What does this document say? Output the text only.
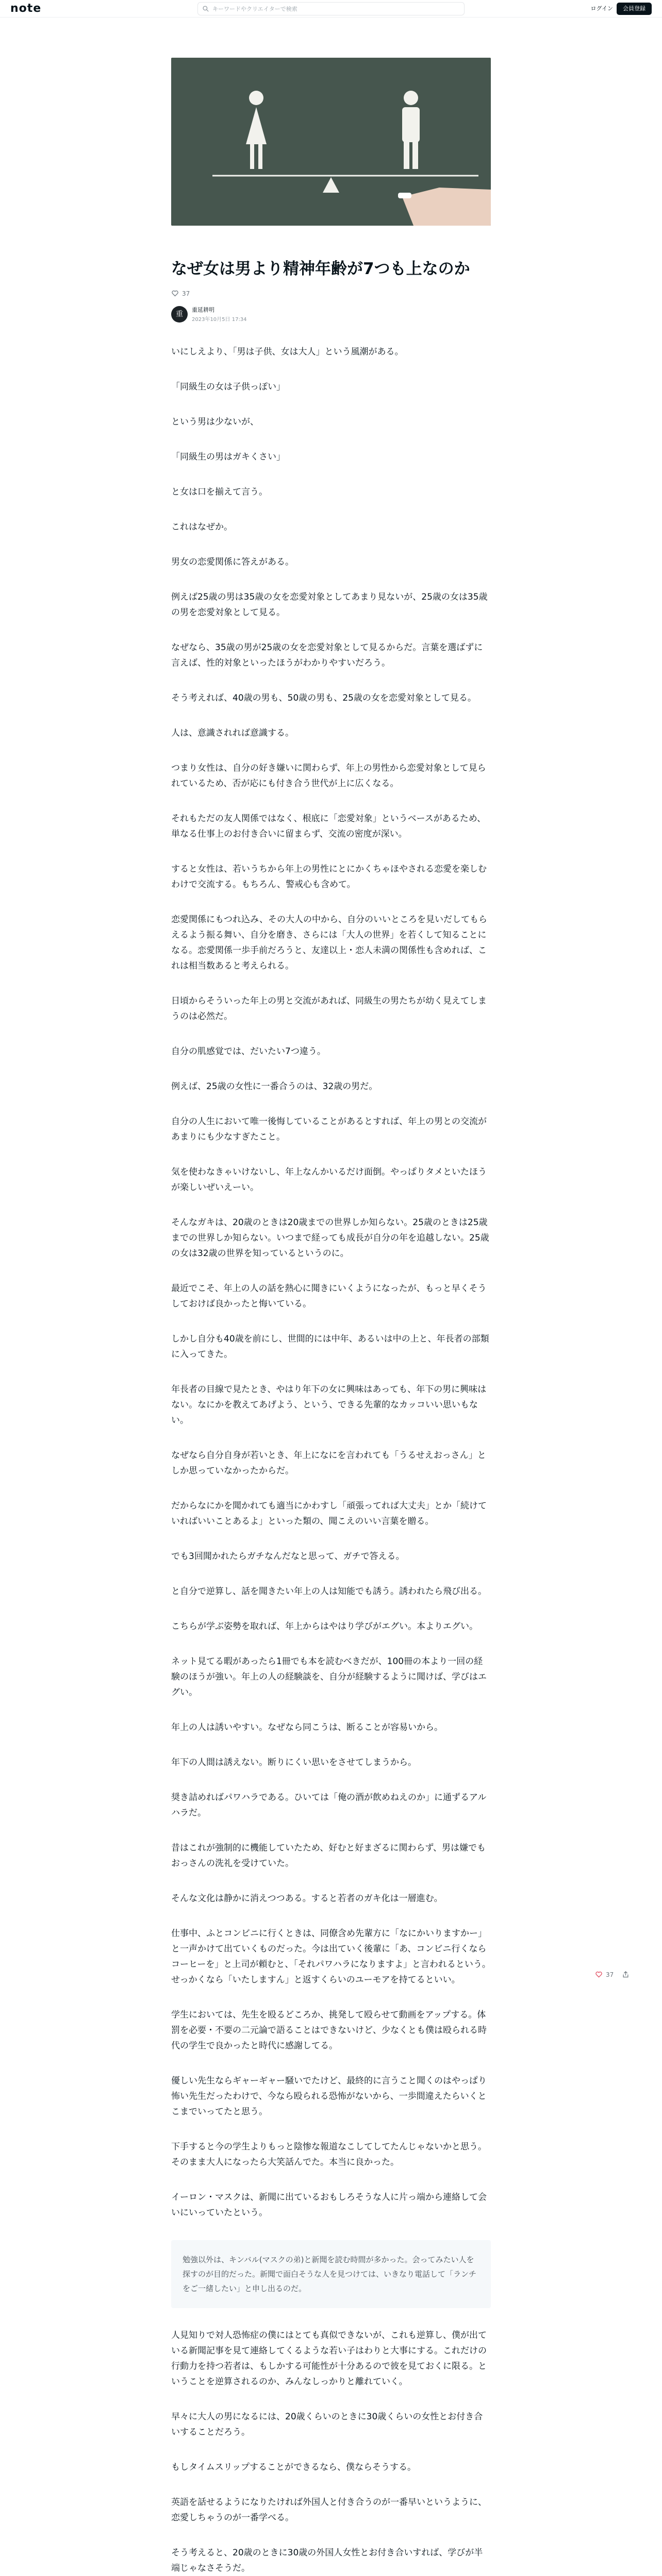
note
キーワードやクリエイターで検索	ログイン	会員登録
なぜ女は男より精神年齢が7つも上なのか
37
重	重延耕明
2023年10月5日 17:34

いにしえより、「男は子供、女は大人」という風潮がある。

「同級生の女は子供っぽい」

という男は少ないが、

「同級生の男はガキくさい」

と女は口を揃えて言う。

これはなぜか。

男女の恋愛関係に答えがある。

例えば25歳の男は35歳の女を恋愛対象としてあまり見ないが、25歳の女は35歳の男を恋愛対象として見る。

なぜなら、35歳の男が25歳の女を恋愛対象として見るからだ。言葉を選ばずに言えば、性的対象といったほうがわかりやすいだろう。

そう考えれば、40歳の男も、50歳の男も、25歳の女を恋愛対象として見る。

人は、意識されれば意識する。

つまり女性は、自分の好き嫌いに関わらず、年上の男性から恋愛対象として見られているため、否が応にも付き合う世代が上に広くなる。

それもただの友人関係ではなく、根底に「恋愛対象」というベースがあるため、単なる仕事上のお付き合いに留まらず、交流の密度が深い。

すると女性は、若いうちから年上の男性にとにかくちゃほやされる恋愛を楽しむわけで交流する。もちろん、警戒心も含めて。

恋愛関係にもつれ込み、その大人の中から、自分のいいところを見いだしてもらえるよう振る舞い、自分を磨き、さらには「大人の世界」を若くして知ることになる。恋愛関係一歩手前だろうと、友達以上・恋人未満の関係性も含めれば、これは相当数あると考えられる。

日頃からそういった年上の男と交流があれば、同級生の男たちが幼く見えてしまうのは必然だ。

自分の肌感覚では、だいたい7つ違う。

例えば、25歳の女性に一番合うのは、32歳の男だ。

自分の人生において唯一後悔していることがあるとすれば、年上の男との交流があまりにも少なすぎたこと。

気を使わなきゃいけないし、年上なんかいるだけ面倒。やっぱりタメといたほうが楽しいぜいえーい。

そんなガキは、20歳のときは20歳までの世界しか知らない。25歳のときは25歳までの世界しか知らない。いつまで経っても成長が自分の年を追越しない。25歳の女は32歳の世界を知っているというのに。

最近でこそ、年上の人の話を熱心に聞きにいくようになったが、もっと早くそうしておけば良かったと悔いている。

しかし自分も40歳を前にし、世間的には中年、あるいは中の上と、年長者の部類に入ってきた。

年長者の目線で見たとき、やはり年下の女に興味はあっても、年下の男に興味はない。なにかを教えてあげよう、という、できる先輩的なカッコいい思いもない。

なぜなら自分自身が若いとき、年上になにを言われても「うるせえおっさん」としか思っていなかったからだ。

だからなにかを聞かれても適当にかわすし「頑張ってれば大丈夫」とか「続けていればいいことあるよ」といった類の、聞こえのいい言葉を贈る。

でも3回聞かれたらガチなんだなと思って、ガチで答える。

と自分で逆算し、話を聞きたい年上の人は知能でも誘う。誘われたら飛び出る。

こちらが学ぶ姿勢を取れば、年上からはやはり学びがエグい。本よりエグい。

ネット見てる暇があったら1冊でも本を読むべきだが、100冊の本より一回の経験のほうが強い。年上の人の経験談を、自分が経験するように聞けば、学びはエグい。

年上の人は誘いやすい。なぜなら同こうは、断ることが容易いから。

年下の人間は誘えない。断りにくい思いをさせてしまうから。

奨き詰めればパワハラである。ひいては「俺の酒が飲めねえのか」に通ずるアルハラだ。

昔はこれが強制的に機能していたため、好むと好まざるに関わらず、男は嫌でもおっさんの洗礼を受けていた。

そんな文化は静かに消えつつある。すると若者のガキ化は一層進む。

仕事中、ふとコンビニに行くときは、同僚含め先輩方に「なにかいりますかー」と一声かけて出ていくものだった。今は出ていく後輩に「あ、コンビニ行くならコーヒーを」と上司が頼むと、「それパワハラになりますよ」と言われるという。せっかくなら「いたしますん」と返すくらいのユーモアを持てるといい。

学生においては、先生を殴るどころか、挑発して殴らせて動画をアップする。体罰を必要・不要の二元論で語ることはできないけど、少なくとも僕は殴られる時代の学生で良かったと時代に感謝してる。

優しい先生ならギャーギャー騒いでたけど、最終的に言うこと聞くのはやっぱり怖い先生だったわけで、今なら殴られる恐怖がないから、一歩間違えたらいくとこまでいってたと思う。

下手すると今の学生よりもっと陰惨な報道なこしてしてたんじゃないかと思う。そのまま大人になったら大笑話んでた。本当に良かった。

イーロン・マスクは、新聞に出ているおもしろそうな人に片っ端から連絡して会いにいっていたという。

勉強以外は、キンバル(マスクの弟)と新聞を読む時間が多かった。会ってみたい人を探すのが目的だった。新聞で面白そうな人を見つけては、いきなり電話して「ランチをご一緒したい」と申し出るのだ。

人見知りで対人恐怖症の僕にはとても真似できないが、これも逆算し、僕が出ている新聞記事を見て連絡してくるような若い子はわりと大事にする。これだけの行動力を持つ若者は、もしかする可能性が十分あるので彼を見ておくに限る。ということを逆算されるのか、みんなしっかりと離れていく。

早々に大人の男になるには、20歳くらいのときに30歳くらいの女性とお付き合いすることだろう。

もしタイムスリップすることができるなら、僕ならそうする。

英語を話せるようになりたければ外国人と付き合うのが一番早いというように、恋愛しちゃうのが一番学べる。

そう考えると、20歳のときに30歳の外国人女性とお付き合いすれば、学びが半端じゃなさそうだ。

37
